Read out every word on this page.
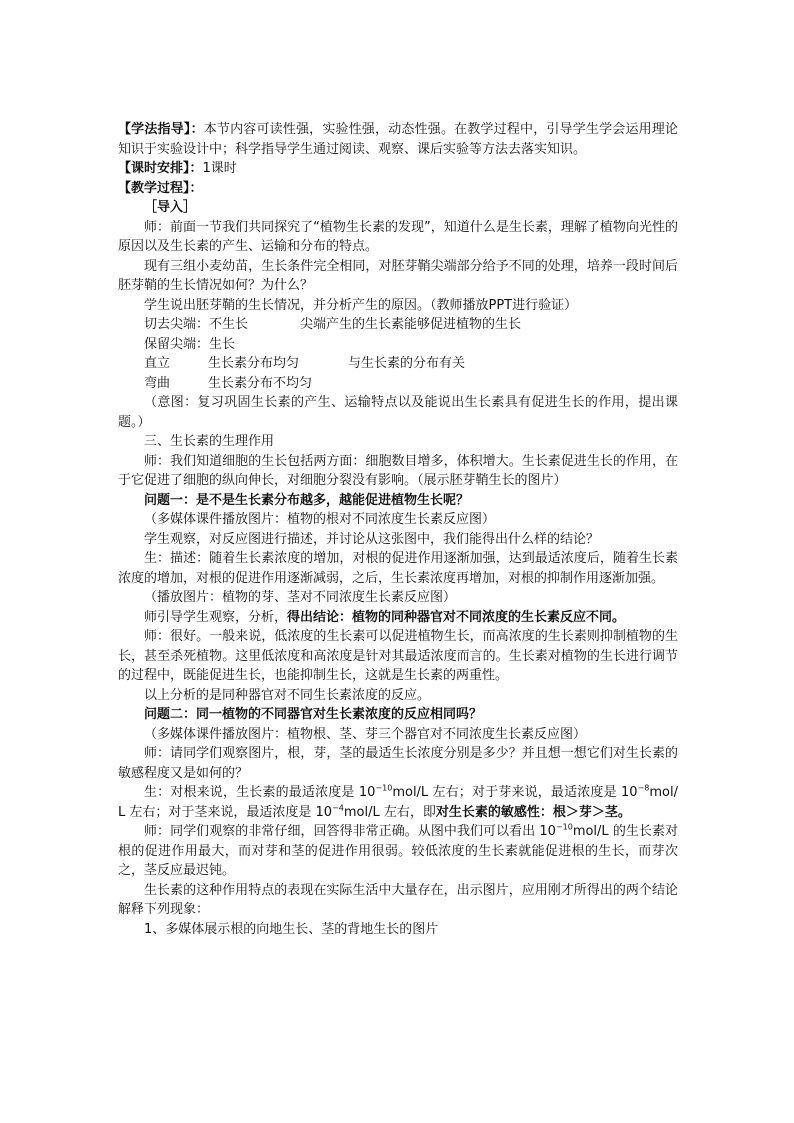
【学法指导】：本节内容可读性强，实验性强，动态性强。在教学过程中，引导学生学会运用理论知识于实验设计中；科学指导学生通过阅读、观察、课后实验等方法去落实知识。

【课时安排】：1课时

【教学过程】：

［导入］

师：前面一节我们共同探究了“植物生长素的发现”，知道什么是生长素，理解了植物向光性的原因以及生长素的产生、运输和分布的特点。

现有三组小麦幼苗，生长条件完全相同，对胚芽鞘尖端部分给予不同的处理，培养一段时间后胚芽鞘的生长情况如何？为什么？

学生说出胚芽鞘的生长情况，并分析产生的原因。（教师播放PPT进行验证）

切去尖端：不生长	尖端产生的生长素能够促进植物的生长
保留尖端：生长
直立	生长素分布均匀	与生长素的分布有关
弯曲	生长素分布不均匀

（意图：复习巩固生长素的产生、运输特点以及能说出生长素具有促进生长的作用，提出课题。）

三、生长素的生理作用

师：我们知道细胞的生长包括两方面：细胞数目增多，体积增大。生长素促进生长的作用，在于它促进了细胞的纵向伸长，对细胞分裂没有影响。（展示胚芽鞘生长的图片）

问题一：是不是生长素分布越多，越能促进植物生长呢？

（多媒体课件播放图片：植物的根对不同浓度生长素反应图）

学生观察，对反应图进行描述，并讨论从这张图中，我们能得出什么样的结论？

生：描述：随着生长素浓度的增加，对根的促进作用逐渐加强，达到最适浓度后，随着生长素浓度的增加，对根的促进作用逐渐减弱，之后，生长素浓度再增加，对根的抑制作用逐渐加强。

（播放图片：植物的芽、茎对不同浓度生长素反应图）

师引导学生观察，分析，得出结论：植物的同种器官对不同浓度的生长素反应不同。

师：很好。一般来说，低浓度的生长素可以促进植物生长，而高浓度的生长素则抑制植物的生长，甚至杀死植物。这里低浓度和高浓度是针对其最适浓度而言的。生长素对植物的生长进行调节的过程中，既能促进生长，也能抑制生长，这就是生长素的两重性。

以上分析的是同种器官对不同生长素浓度的反应。

问题二：同一植物的不同器官对生长素浓度的反应相同吗？

（多媒体课件播放图片：植物根、茎、芽三个器官对不同浓度生长素反应图）

师：请同学们观察图片，根，芽，茎的最适生长浓度分别是多少？并且想一想它们对生长素的敏感程度又是如何的？

生：对根来说，生长素的最适浓度是 $10^{-10}mol/L$ 左右；对于芽来说，最适浓度是 $10^{-8}mol/L$ 左右；对于茎来说，最适浓度是 $10^{-4}mol/L$ 左右，即对生长素的敏感性：根＞芽＞茎。

师：同学们观察的非常仔细，回答得非常正确。从图中我们可以看出 $10^{-10}mol/L$ 的生长素对根的促进作用最大，而对芽和茎的促进作用很弱。较低浓度的生长素就能促进根的生长，而芽次之，茎反应最迟钝。

生长素的这种作用特点的表现在实际生活中大量存在，出示图片，应用刚才所得出的两个结论解释下列现象：

1、多媒体展示根的向地生长、茎的背地生长的图片
